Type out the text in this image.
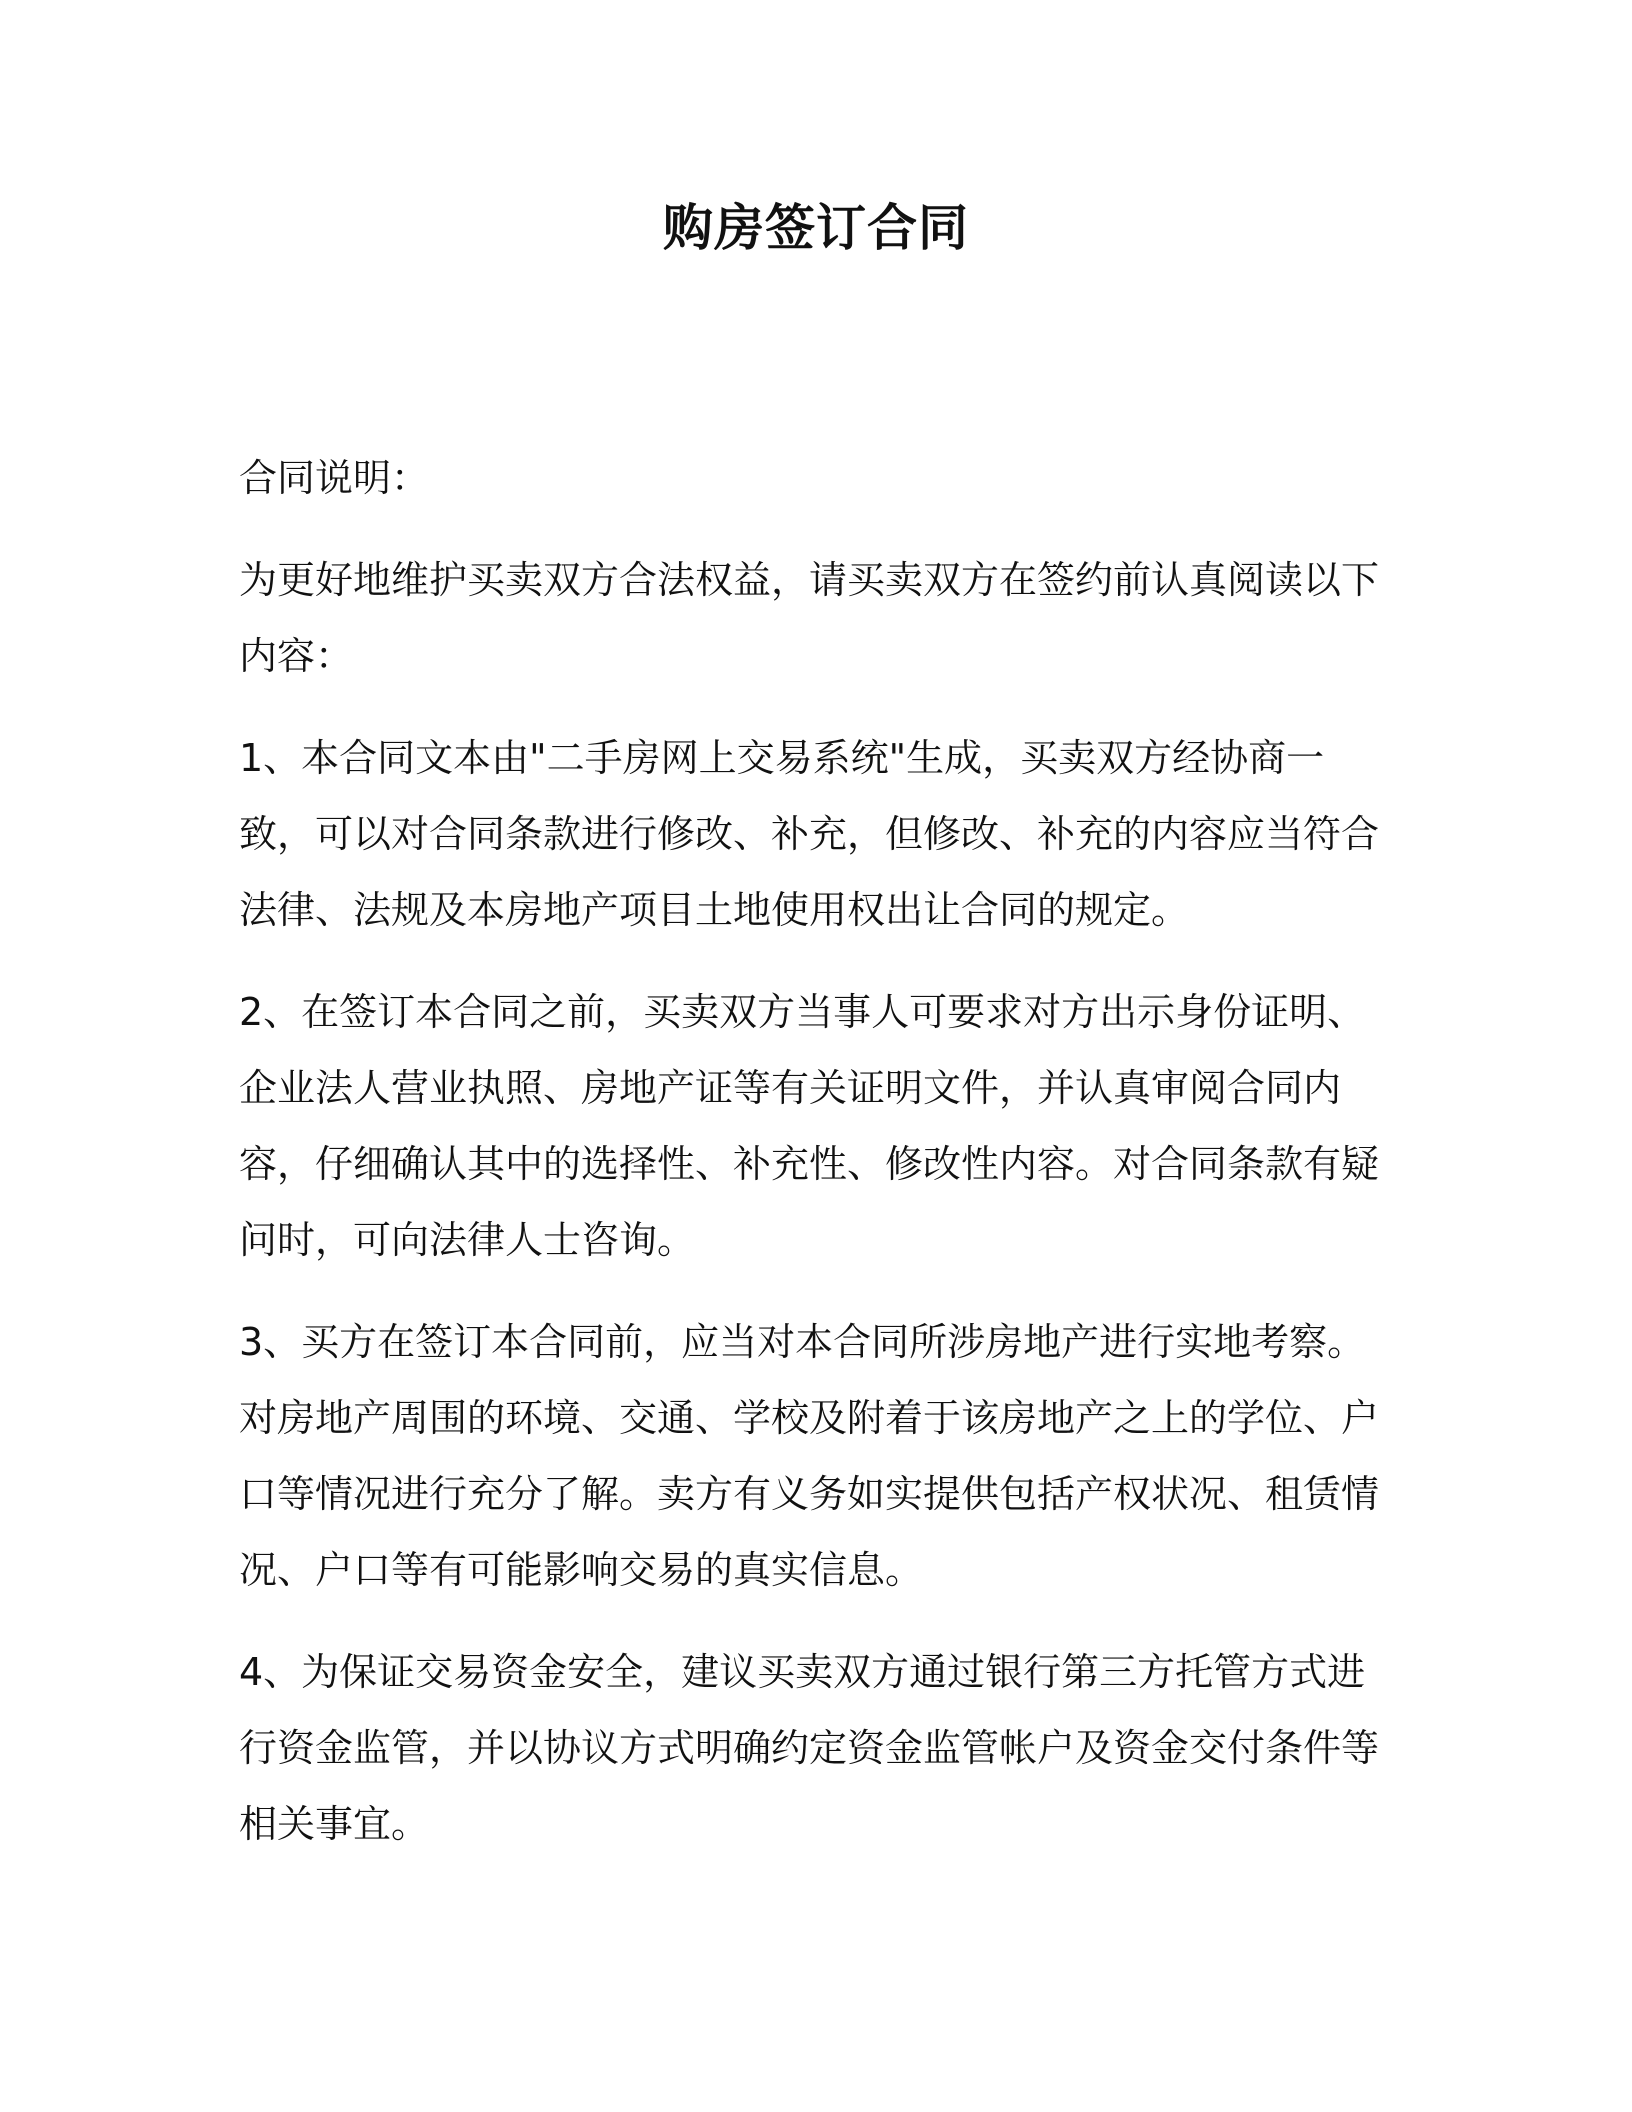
购房签订合同

合同说明：

为更好地维护买卖双方合法权益，请买卖双方在签约前认真阅读以下内容：

1、本合同文本由"二手房网上交易系统"生成，买卖双方经协商一致，可以对合同条款进行修改、补充，但修改、补充的内容应当符合法律、法规及本房地产项目土地使用权出让合同的规定。

2、在签订本合同之前，买卖双方当事人可要求对方出示身份证明、企业法人营业执照、房地产证等有关证明文件，并认真审阅合同内容，仔细确认其中的选择性、补充性、修改性内容。对合同条款有疑问时，可向法律人士咨询。

3、买方在签订本合同前，应当对本合同所涉房地产进行实地考察。对房地产周围的环境、交通、学校及附着于该房地产之上的学位、户口等情况进行充分了解。卖方有义务如实提供包括产权状况、租赁情况、户口等有可能影响交易的真实信息。

4、为保证交易资金安全，建议买卖双方通过银行第三方托管方式进行资金监管，并以协议方式明确约定资金监管帐户及资金交付条件等相关事宜。
